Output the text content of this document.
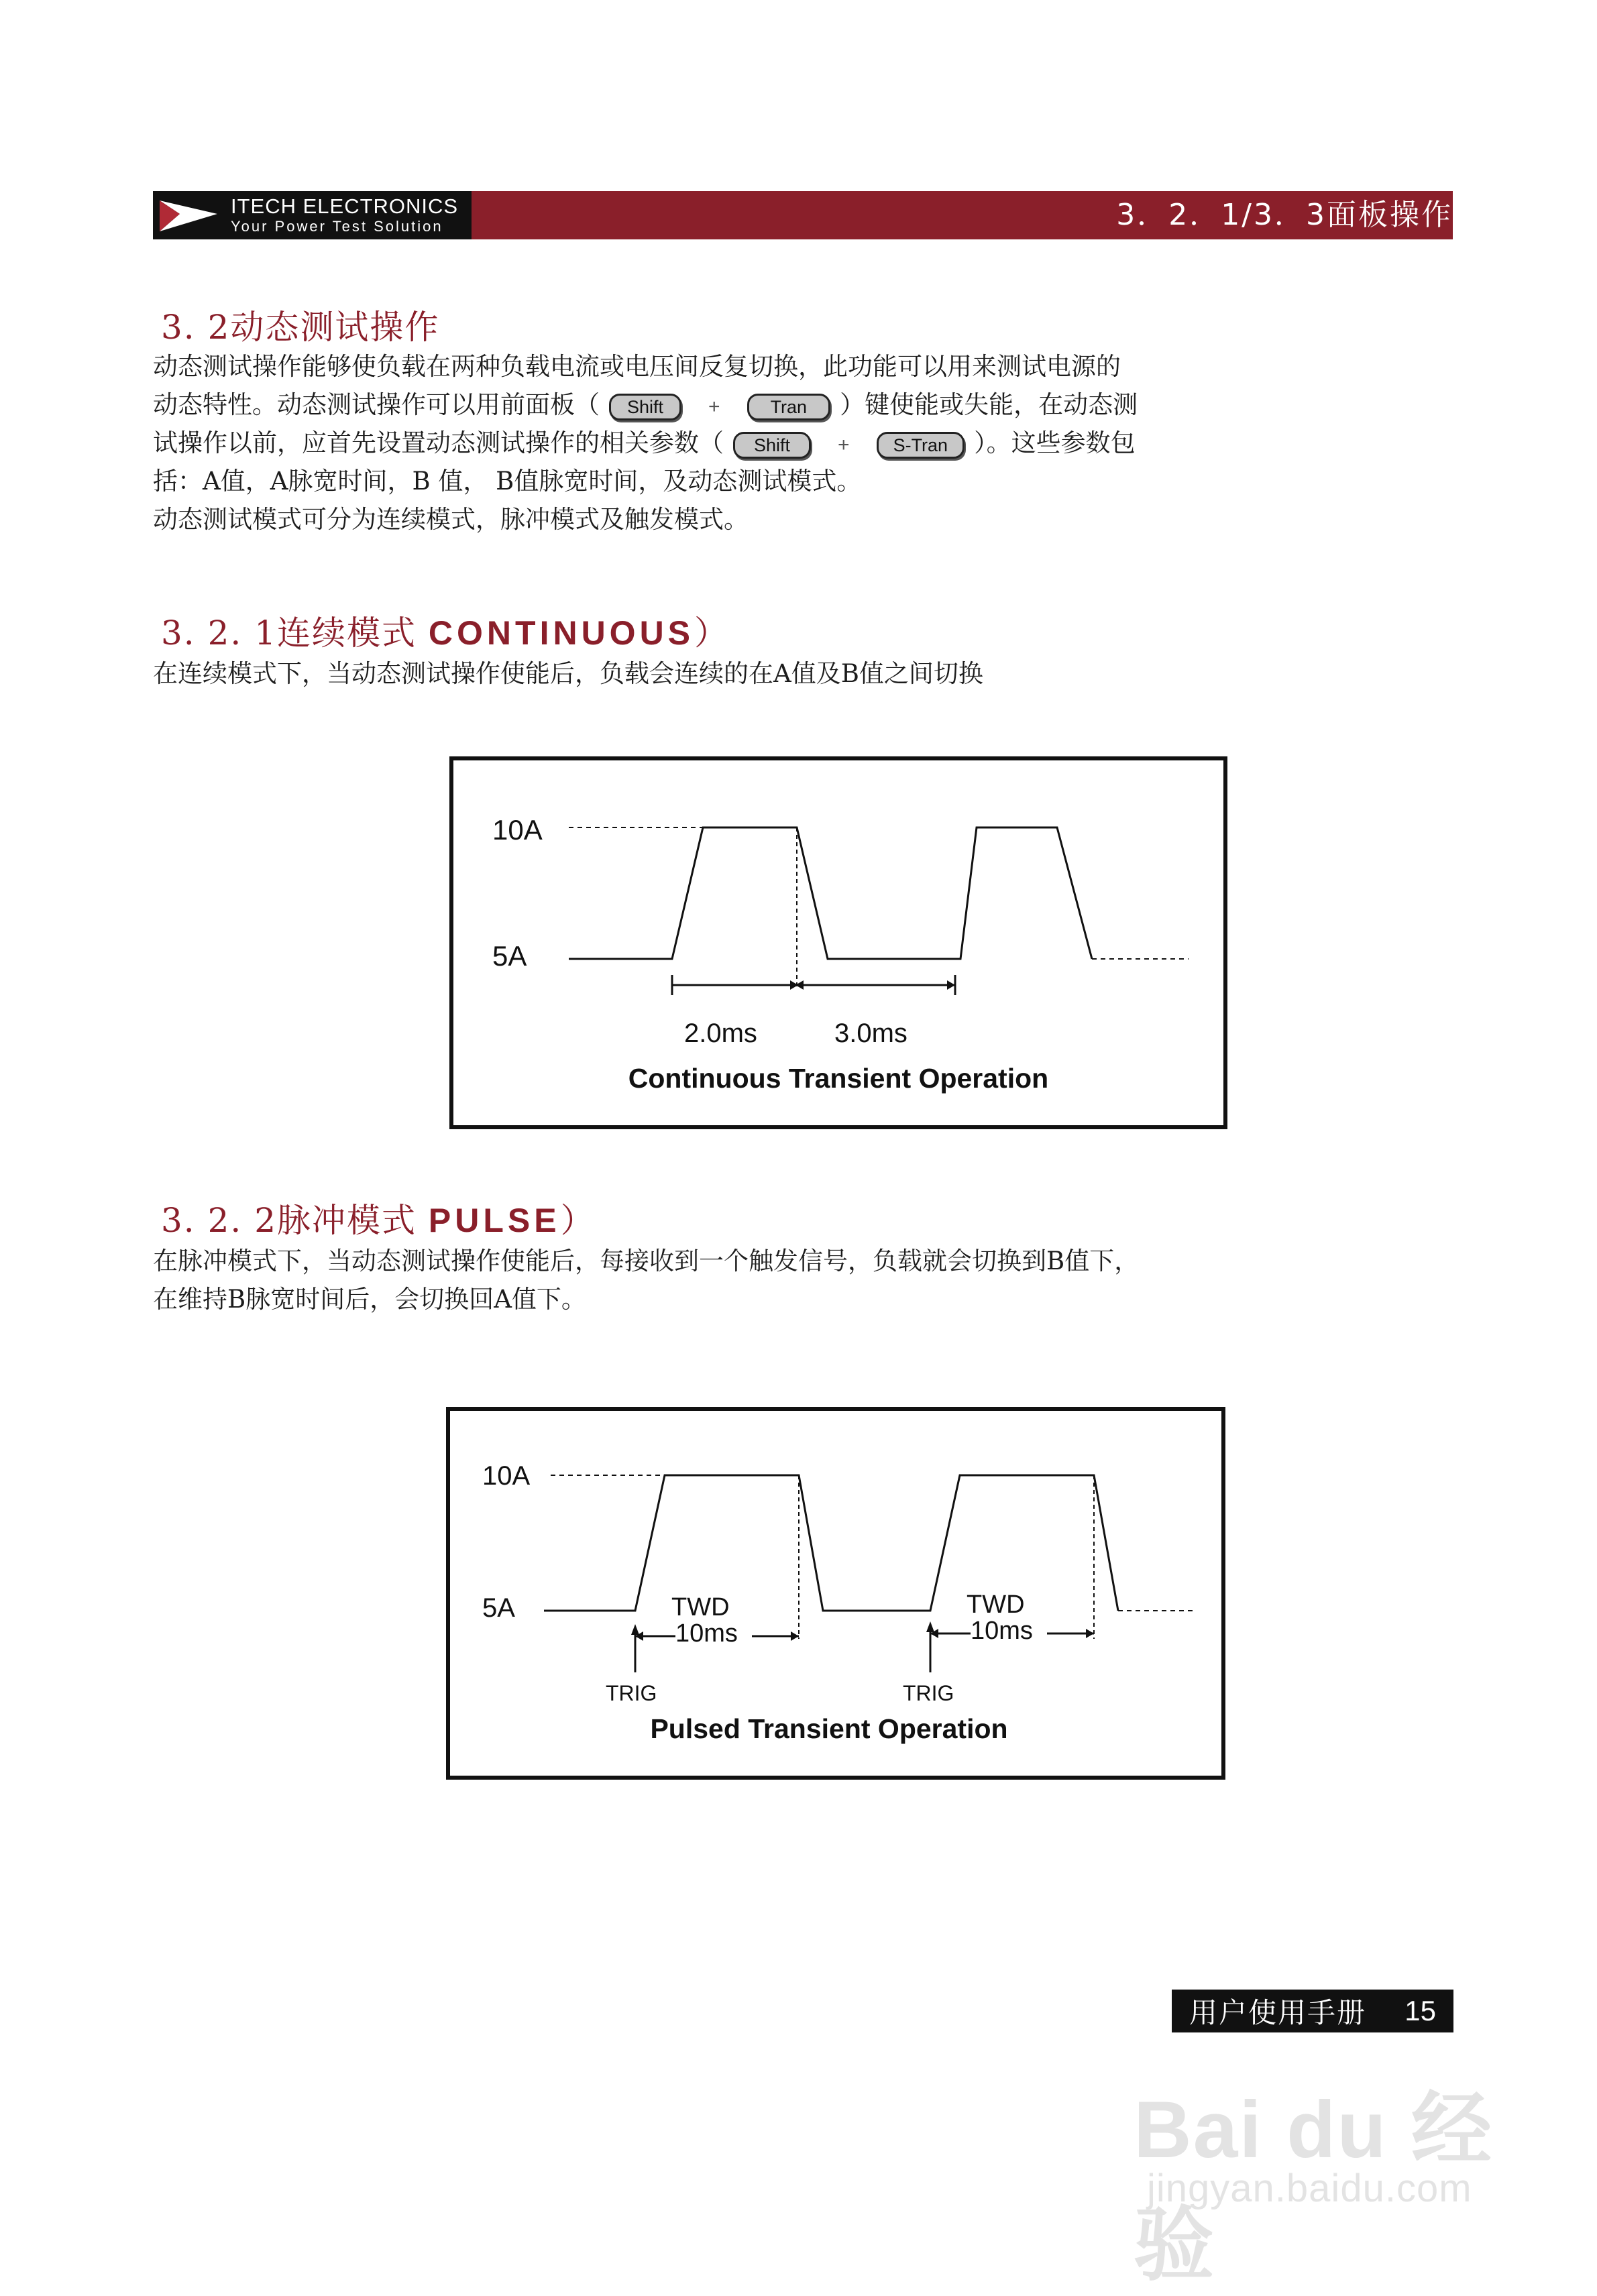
ITECH ELECTRONICS
Your Power Test Solution	3．2．1/3．3面板操作
3. 2动态测试操作
动态测试操作能够使负载在两种负载电流或电压间反复切换，此功能可以用来测试电源的
动态特性。动态测试操作可以用前面板（ Shift +	Tran ）键使能或失能，在动态测
试操作以前，应首先设置动态测试操作的相关参数（ Shift + S-Tran ）。这些参数包
括：A值，A脉宽时间，B 值， B值脉宽时间，及动态测试模式。
动态测试模式可分为连续模式，脉冲模式及触发模式。
3. 2. 1连续模式 CONTINUOUS）
在连续模式下，当动态测试操作使能后，负载会连续的在A值及B值之间切换
10A
5A
2.0ms	3.0ms
Continuous Transient Operation
3. 2. 2脉冲模式 PULSE）
在脉冲模式下，当动态测试操作使能后，每接收到一个触发信号，负载就会切换到B值下，
在维持B脉宽时间后，会切换回A值下。
10A
5A	TWD
10ms
TRIG
TWD
10ms
TRIG
Pulsed Transient Operation
用户使用手册 15
Bai du 经验
jingyan.baidu.com
